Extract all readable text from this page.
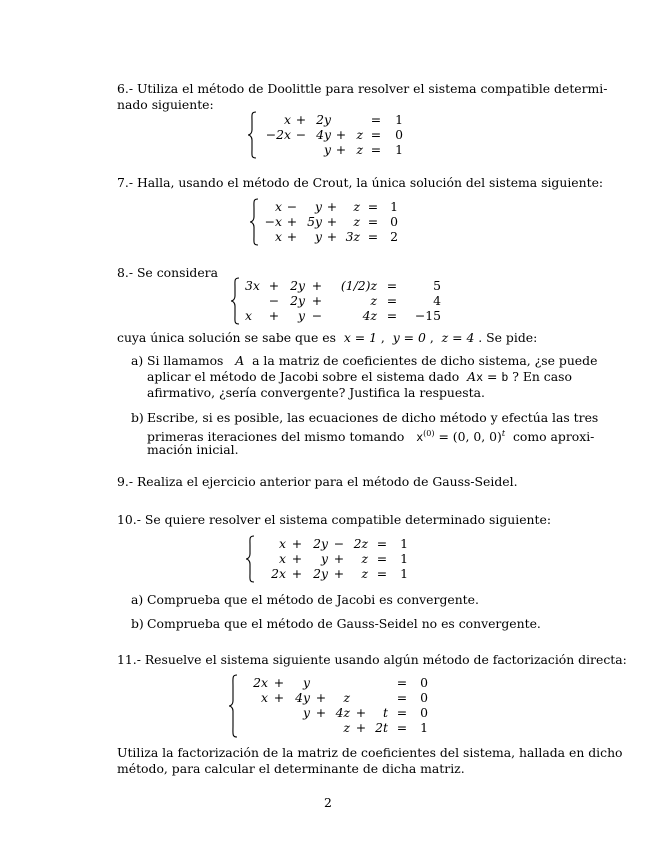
6.- Utiliza el método de Doolittle para resolver el sistema compatible determi-
nado siguiente:
x	+	2y			=	1
−2x	−	4y	+	z	=	0
		y	+	z	=	1
7.- Halla, usando el método de Crout, la única solución del sistema siguiente:
x	−	y	+	z	=	1
−x	+	5y	+	z	=	0
x	+	y	+	3z	=	2
8.- Se considera
3x	+	2y	+	(1/2)z	=	5
	−	2y	+	z	=	4
x	+	y	−	4z	=	−15
cuya única solución se sabe que es x = 1 ,  y = 0 ,  z = 4 . Se pide:
a) Si llamamos A a la matriz de coeficientes de dicho sistema, ¿se puede
aplicar el método de Jacobi sobre el sistema dado Ax = b ? En caso
afirmativo, ¿sería convergente? Justifica la respuesta.
b) Escribe, si es posible, las ecuaciones de dicho método y efectúa las tres
primeras iteraciones del mismo tomando $x^{(0)} = (0$, 0, 0)$^t$ como aproxi-
mación inicial.
9.- Realiza el ejercicio anterior para el método de Gauss-Seidel.
10.- Se quiere resolver el sistema compatible determinado siguiente:
x	+	2y	−	2z	=	1
x	+	y	+	z	=	1
2x	+	2y	+	z	=	1
a) Comprueba que el método de Jacobi es convergente.
b) Comprueba que el método de Gauss-Seidel no es convergente.
11.- Resuelve el sistema siguiente usando algún método de factorización directa:
2x	+	y					=	0
x	+	4y	+	z			=	0
		y	+	4z	+	t	=	0
				z	+	2t	=	1
Utiliza la factorización de la matriz de coeficientes del sistema, hallada en dicho
método, para calcular el determinante de dicha matriz.
2
